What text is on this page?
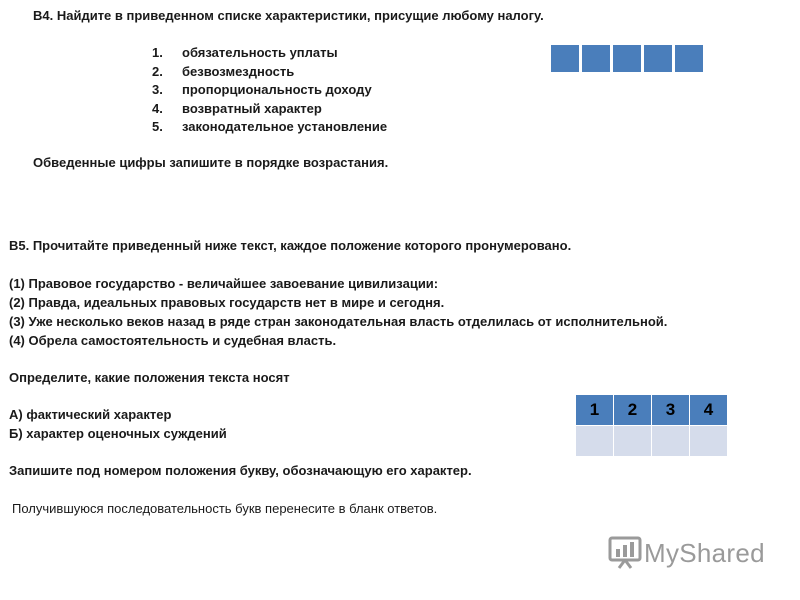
В4. Найдите в приведенном списке характеристики, присущие любому налогу.
1. обязательность уплаты
2. безвозмездность
3. пропорциональность доходу
4. возвратный характер
5. законодательное установление
Обведенные цифры запишите в порядке возрастания.
В5. Прочитайте приведенный ниже текст, каждое положение которого пронумеровано.
(1) Правовое государство - величайшее завоевание цивилизации:
(2) Правда, идеальных правовых государств нет в мире и сегодня.
(3) Уже несколько веков назад в ряде стран законодательная власть отделилась от исполнительной.
(4) Обрела самостоятельность и судебная власть.
Определите, какие положения текста носят
А) фактический характер
Б) характер оценочных суждений
Запишите под номером положения букву, обозначающую его характер.
Получившуюся последовательность букв перенесите в бланк ответов.
1	2	3	4

MyShared
